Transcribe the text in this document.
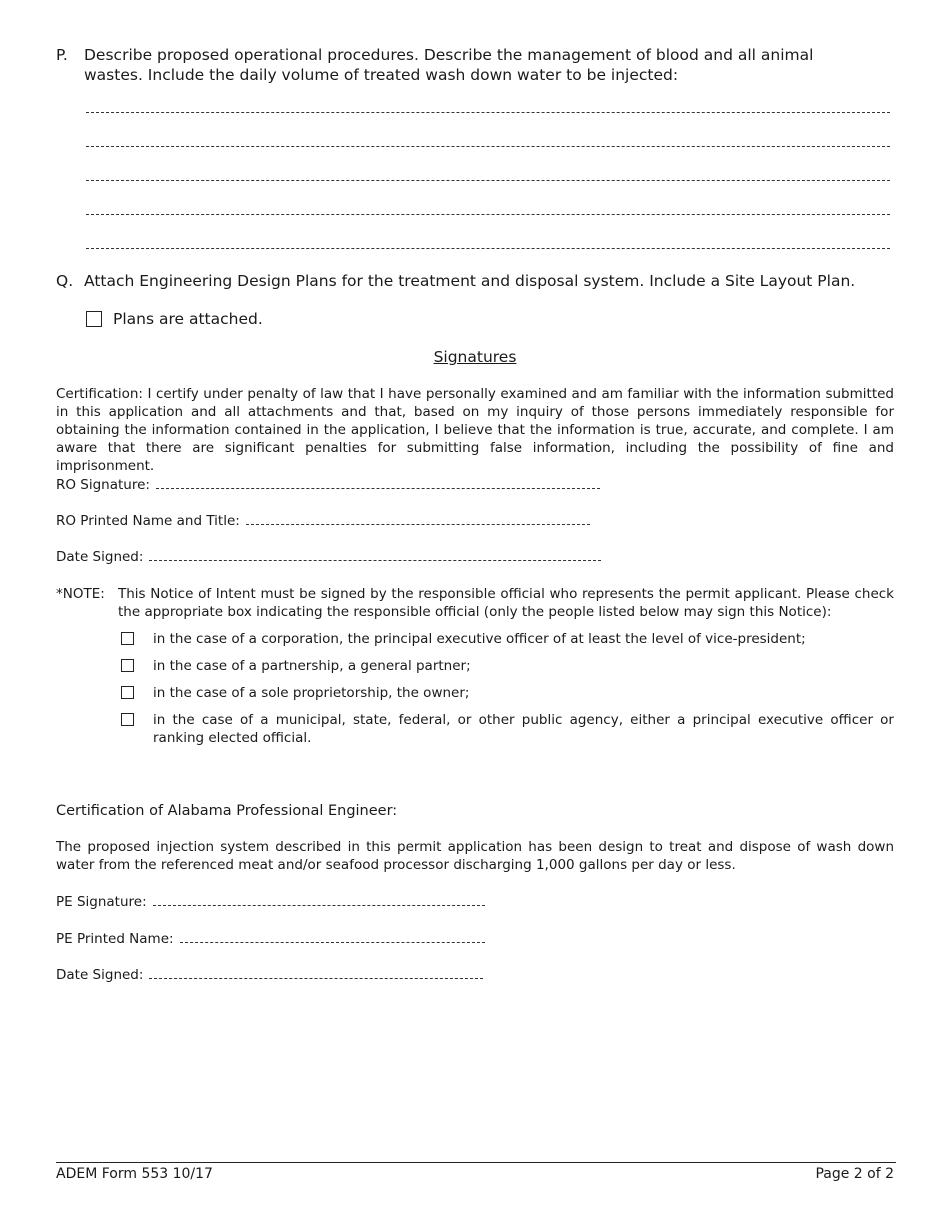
P. Describe proposed operational procedures. Describe the management of blood and all animal wastes. Include the daily volume of treated wash down water to be injected:
Q. Attach Engineering Design Plans for the treatment and disposal system. Include a Site Layout Plan.
Plans are attached.
Signatures
Certification: I certify under penalty of law that I have personally examined and am familiar with the information submitted in this application and all attachments and that, based on my inquiry of those persons immediately responsible for obtaining the information contained in the application, I believe that the information is true, accurate, and complete. I am aware that there are significant penalties for submitting false information, including the possibility of fine and imprisonment.
RO Signature:
RO Printed Name and Title:
Date Signed:
*NOTE: This Notice of Intent must be signed by the responsible official who represents the permit applicant. Please check the appropriate box indicating the responsible official (only the people listed below may sign this Notice):
in the case of a corporation, the principal executive officer of at least the level of vice-president;
in the case of a partnership, a general partner;
in the case of a sole proprietorship, the owner;
in the case of a municipal, state, federal, or other public agency, either a principal executive officer or ranking elected official.
Certification of Alabama Professional Engineer:
The proposed injection system described in this permit application has been design to treat and dispose of wash down water from the referenced meat and/or seafood processor discharging 1,000 gallons per day or less.
PE Signature:
PE Printed Name:
Date Signed:
ADEM Form 553 10/17	Page 2 of 2
